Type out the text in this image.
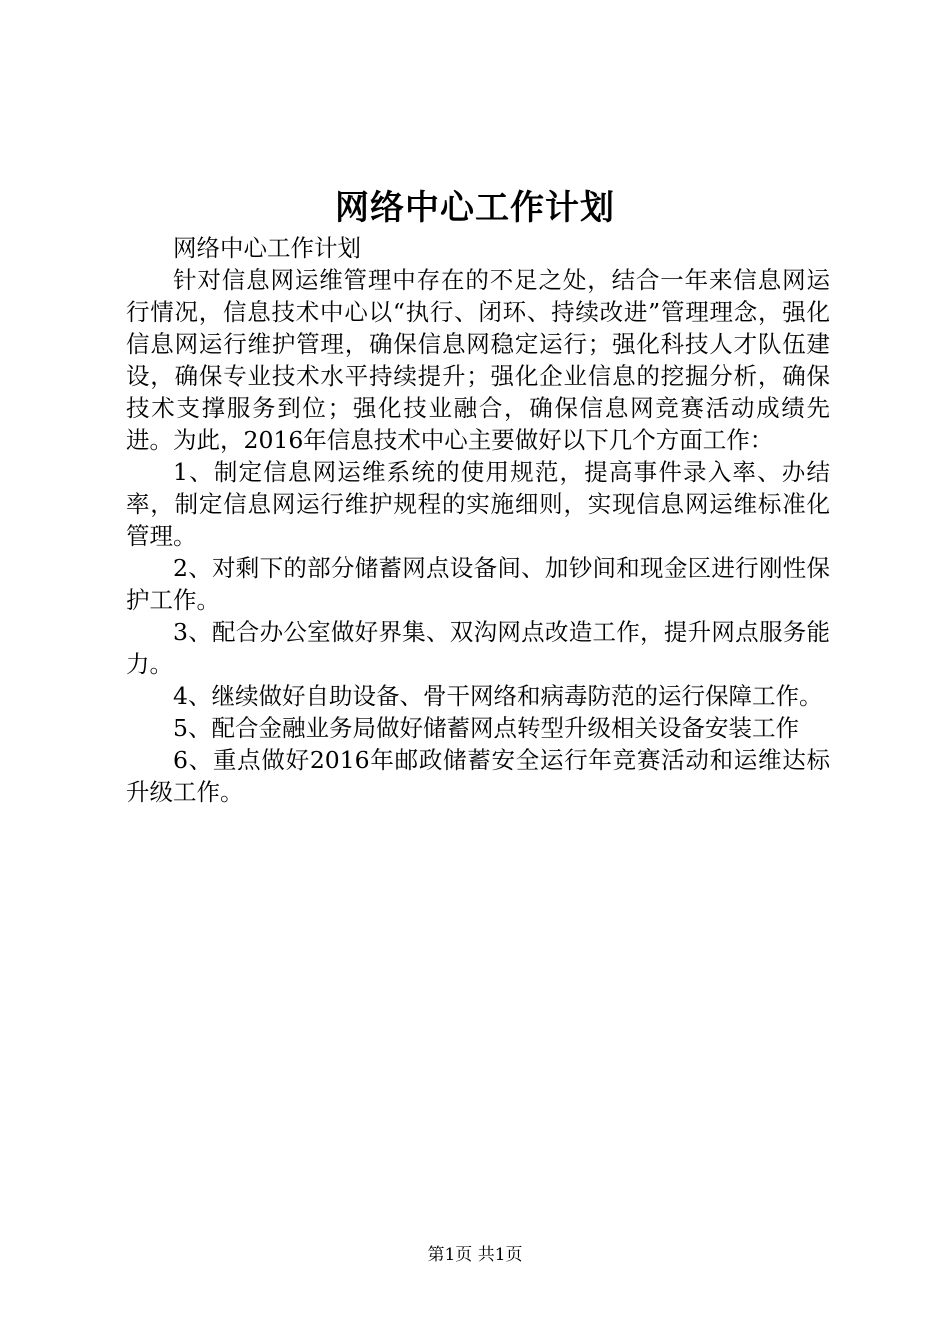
网络中心工作计划

网络中心工作计划

针对信息网运维管理中存在的不足之处，结合一年来信息网运行情况，信息技术中心以“执行、闭环、持续改进”管理理念，强化信息网运行维护管理，确保信息网稳定运行；强化科技人才队伍建设，确保专业技术水平持续提升；强化企业信息的挖掘分析，确保技术支撑服务到位；强化技业融合，确保信息网竞赛活动成绩先进。为此，2016年信息技术中心主要做好以下几个方面工作：

1、制定信息网运维系统的使用规范，提高事件录入率、办结率，制定信息网运行维护规程的实施细则，实现信息网运维标准化管理。

2、对剩下的部分储蓄网点设备间、加钞间和现金区进行刚性保护工作。

3、配合办公室做好界集、双沟网点改造工作，提升网点服务能力。

4、继续做好自助设备、骨干网络和病毒防范的运行保障工作。

5、配合金融业务局做好储蓄网点转型升级相关设备安装工作

6、重点做好2016年邮政储蓄安全运行年竞赛活动和运维达标升级工作。

第1页 共1页
